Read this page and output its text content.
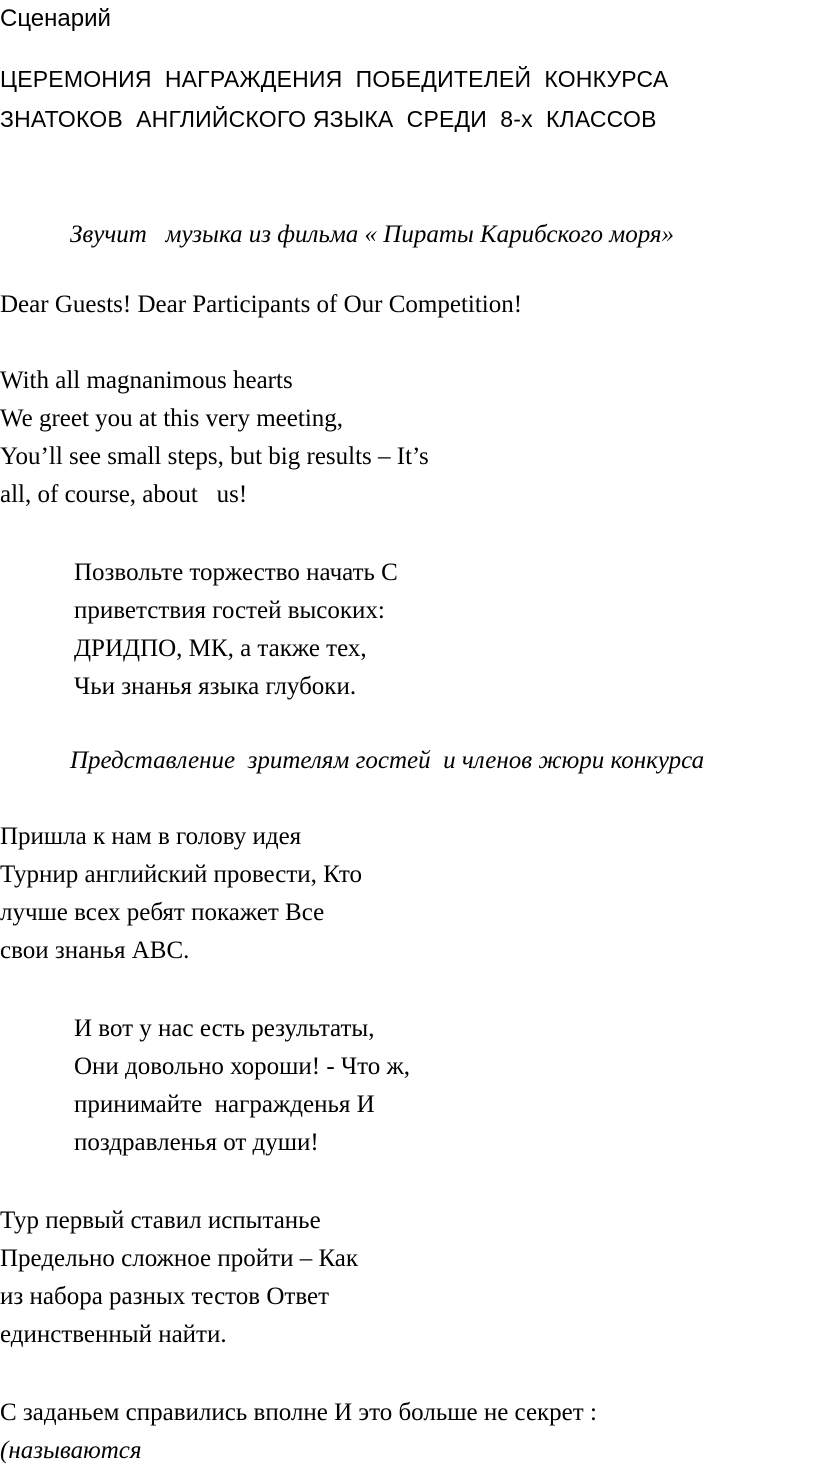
Сценарий

ЦЕРЕМОНИЯ  НАГРАЖДЕНИЯ  ПОБЕДИТЕЛЕЙ  КОНКУРСА

ЗНАТОКОВ  АНГЛИЙСКОГО ЯЗЫКА  СРЕДИ  8-х  КЛАССОВ

Звучит   музыка из фильма « Пираты Карибского моря»

Dear Guests! Dear Participants of Our Competition!

With all magnanimous hearts

We greet you at this very meeting,

You’ll see small steps, but big results – It’s

all, of course, about   us!

Позвольте торжество начать С

приветствия гостей высоких:

ДРИДПО, МК, а также тех,

Чьи знанья языка глубоки.

Представление  зрителям гостей  и членов жюри конкурса

Пришла к нам в голову идея

Турнир английский провести, Кто

лучше всех ребят покажет Все

свои знанья ABC.

И вот у нас есть результаты,

Они довольно хороши! - Что ж,

принимайте  награжденья И

поздравленья от души!

Тур первый ставил испытанье

Предельно сложное пройти – Как

из набора разных тестов Ответ

единственный найти.

С заданьем справились вполне И это больше не секрет :

(называются
